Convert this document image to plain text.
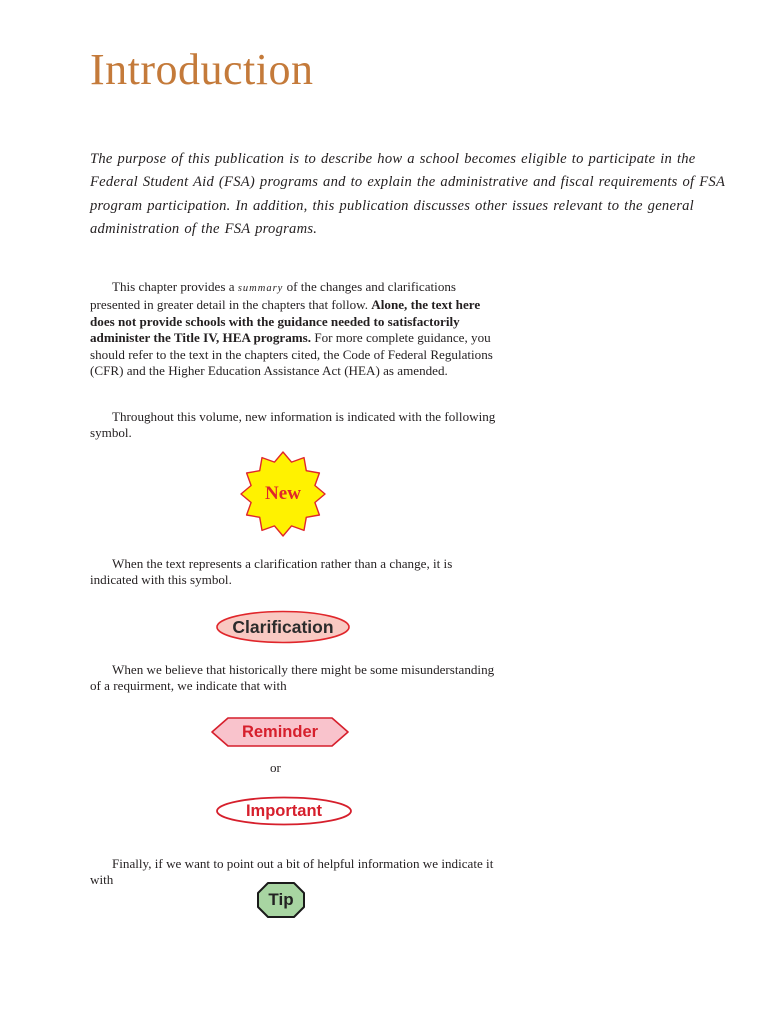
Introduction
The purpose of this publication is to describe how a school becomes eligible to participate in the Federal Student Aid (FSA) programs and to explain the administrative and fiscal requirements of FSA program participation. In addition, this publication discusses other issues relevant to the general administration of the FSA programs.
This chapter provides a summary of the changes and clarifications presented in greater detail in the chapters that follow. Alone, the text here does not provide schools with the guidance needed to satisfactorily administer the Title IV, HEA programs. For more complete guidance, you should refer to the text in the chapters cited, the Code of Federal Regulations (CFR) and the Higher Education Assistance Act (HEA) as amended.
Throughout this volume, new information is indicated with the following symbol.
New
When the text represents a clarification rather than a change, it is indicated with this symbol.
Clarification
When we believe that historically there might be some misunderstanding of a requirment, we indicate that with
Reminder
or
Important
Finally, if we want to point out a bit of helpful information we indicate it with
Tip
